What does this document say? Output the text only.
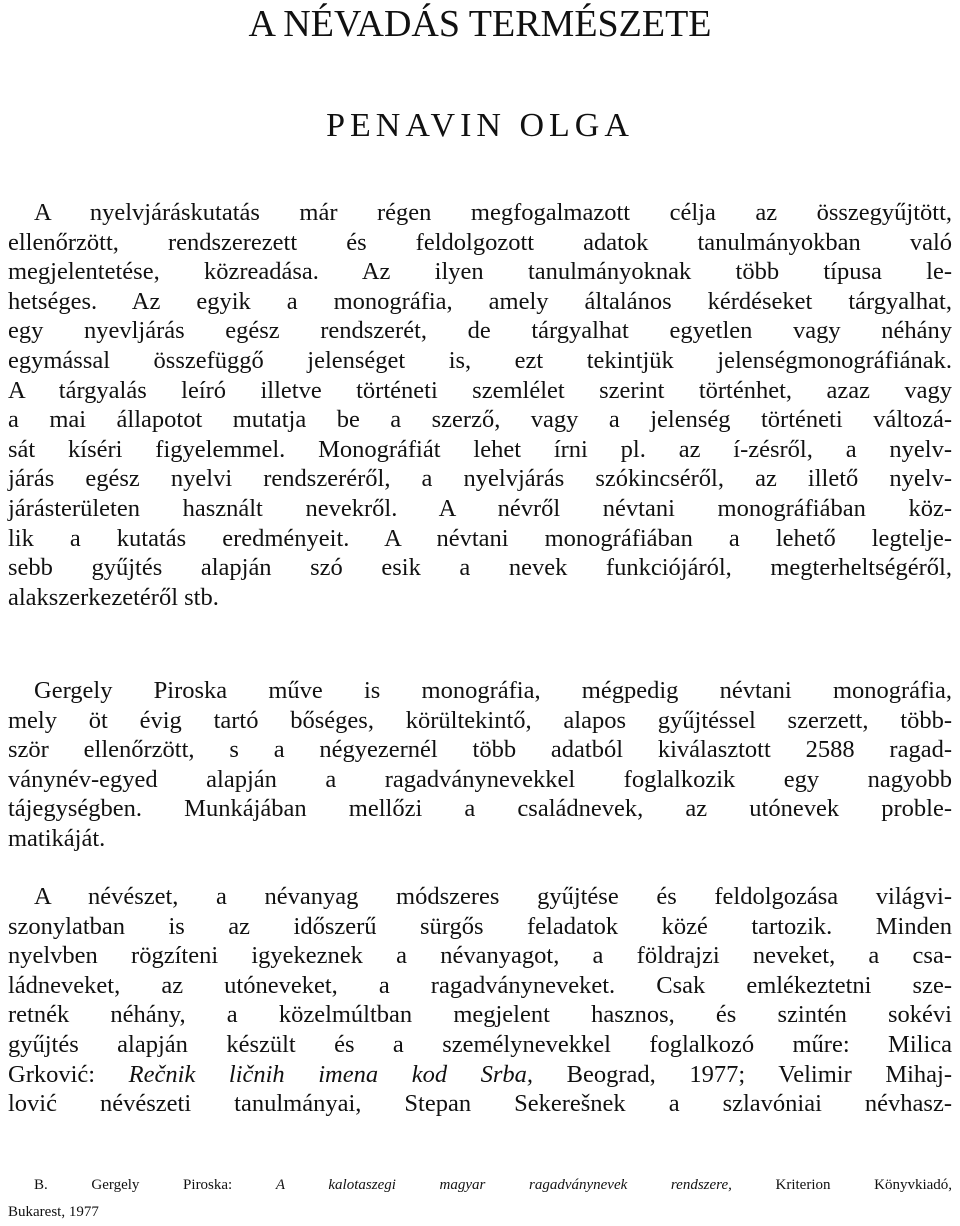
A NÉVADÁS TERMÉSZETE
PENAVIN OLGA
A nyelvjáráskutatás már régen megfogalmazott célja az összegyűjtött,
ellenőrzött, rendszerezett és feldolgozott adatok tanulmányokban való
megjelentetése, közreadása. Az ilyen tanulmányoknak több típusa le-
hetséges. Az egyik a monográfia, amely általános kérdéseket tárgyalhat,
egy nyevljárás egész rendszerét, de tárgyalhat egyetlen vagy néhány
egymással összefüggő jelenséget is, ezt tekintjük jelenségmonográfiának.
A tárgyalás leíró illetve történeti szemlélet szerint történhet, azaz vagy
a mai állapotot mutatja be a szerző, vagy a jelenség történeti változá-
sát kíséri figyelemmel. Monográfiát lehet írni pl. az í-zésről, a nyelv-
járás egész nyelvi rendszeréről, a nyelvjárás szókincséről, az illető nyelv-
járásterületen használt nevekről. A névről névtani monográfiában köz-
lik a kutatás eredményeit. A névtani monográfiában a lehető legtelje-
sebb gyűjtés alapján szó esik a nevek funkciójáról, megterheltségéről,
alakszerkezetéről stb.
Gergely Piroska műve is monográfia, mégpedig névtani monográfia,
mely öt évig tartó bőséges, körültekintő, alapos gyűjtéssel szerzett, több-
ször ellenőrzött, s a négyezernél több adatból kiválasztott 2588 ragad-
ványnév-egyed alapján a ragadványnevekkel foglalkozik egy nagyobb
tájegységben. Munkájában mellőzi a családnevek, az utónevek proble-
matikáját.
A névészet, a névanyag módszeres gyűjtése és feldolgozása világvi-
szonylatban is az időszerű sürgős feladatok közé tartozik. Minden
nyelvben rögzíteni igyekeznek a névanyagot, a földrajzi neveket, a csa-
ládneveket, az utóneveket, a ragadványneveket. Csak emlékeztetni sze-
retnék néhány, a közelmúltban megjelent hasznos, és szintén sokévi
gyűjtés alapján készült és a személynevekkel foglalkozó műre: Milica
Grković: Rečnik ličnih imena kod Srba, Beograd, 1977; Velimir Mihaj-
lović névészeti tanulmányai, Stepan Sekerešnek a szlavóniai névhasz-
B. Gergely Piroska:	A kalotaszegi magyar ragadványnevek rendszere,	Kriterion Könyvkiadó,
Bukarest, 1977
